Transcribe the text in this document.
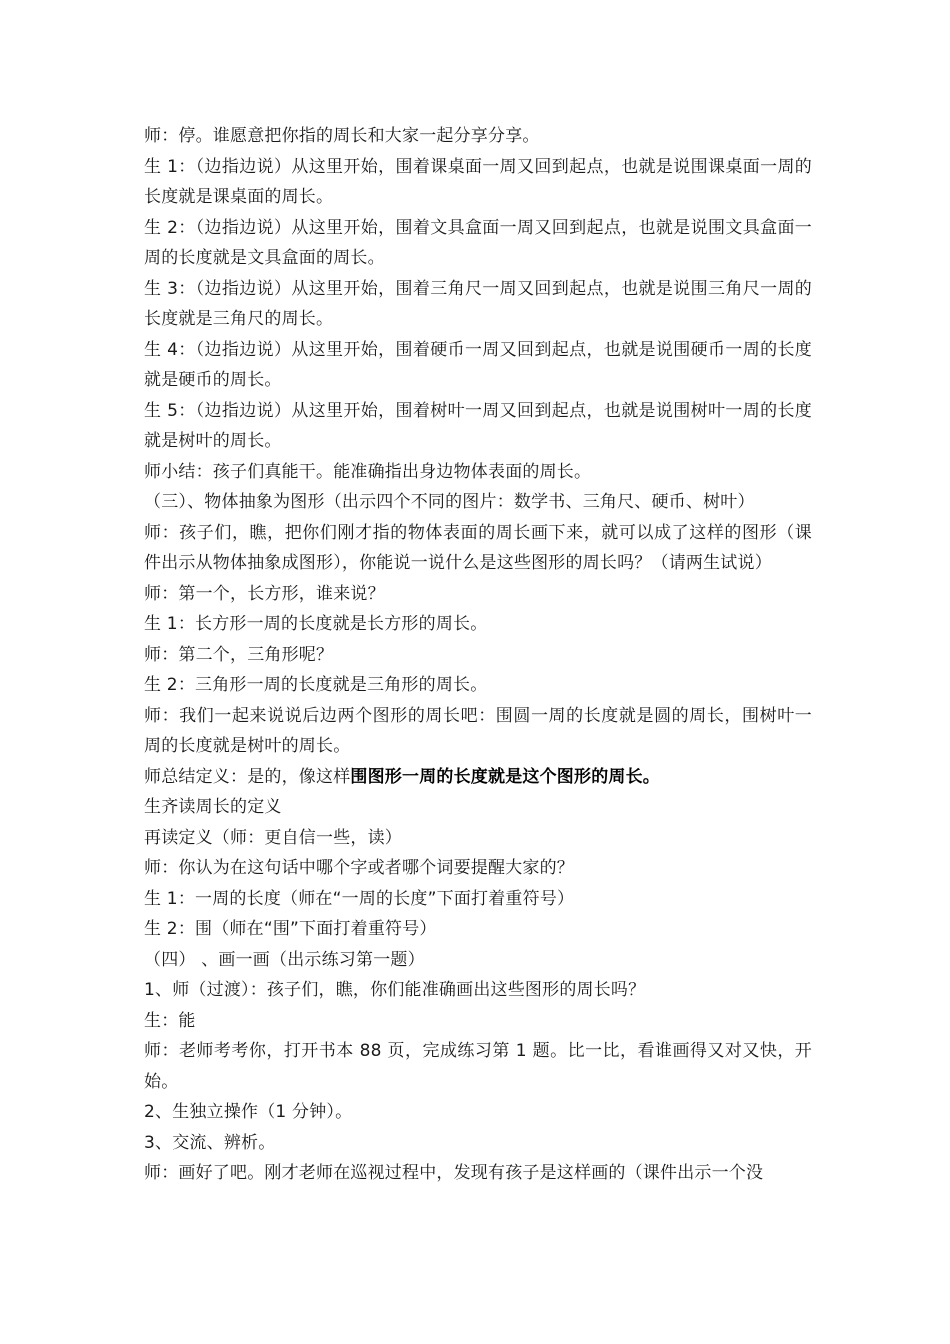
师：停。谁愿意把你指的周长和大家一起分享分享。

生 1：（边指边说）从这里开始，围着课桌面一周又回到起点，也就是说围课桌面一周的长度就是课桌面的周长。

生 2：（边指边说）从这里开始，围着文具盒面一周又回到起点，也就是说围文具盒面一周的长度就是文具盒面的周长。

生 3：（边指边说）从这里开始，围着三角尺一周又回到起点，也就是说围三角尺一周的长度就是三角尺的周长。

生 4：（边指边说）从这里开始，围着硬币一周又回到起点，也就是说围硬币一周的长度就是硬币的周长。

生 5：（边指边说）从这里开始，围着树叶一周又回到起点，也就是说围树叶一周的长度就是树叶的周长。

师小结：孩子们真能干。能准确指出身边物体表面的周长。

（三）、物体抽象为图形（出示四个不同的图片：数学书、三角尺、硬币、树叶）

师：孩子们，瞧，把你们刚才指的物体表面的周长画下来，就可以成了这样的图形（课件出示从物体抽象成图形），你能说一说什么是这些图形的周长吗？（请两生试说）

师：第一个，长方形，谁来说？

生 1：长方形一周的长度就是长方形的周长。

师：第二个，三角形呢？

生 2：三角形一周的长度就是三角形的周长。

师：我们一起来说说后边两个图形的周长吧：围圆一周的长度就是圆的周长，围树叶一周的长度就是树叶的周长。

师总结定义：是的，像这样围图形一周的长度就是这个图形的周长。

生齐读周长的定义

再读定义（师：更自信一些，读）

师：你认为在这句话中哪个字或者哪个词要提醒大家的？

生 1：一周的长度（师在“一周的长度”下面打着重符号）

生 2：围（师在“围”下面打着重符号）

（四） 、画一画（出示练习第一题）

1、师（过渡）：孩子们，瞧，你们能准确画出这些图形的周长吗？

生：能

师：老师考考你，打开书本 88 页，完成练习第 1 题。比一比，看谁画得又对又快，开始。

2、生独立操作（1 分钟）。

3、交流、辨析。

师：画好了吧。刚才老师在巡视过程中，发现有孩子是这样画的（课件出示一个没
